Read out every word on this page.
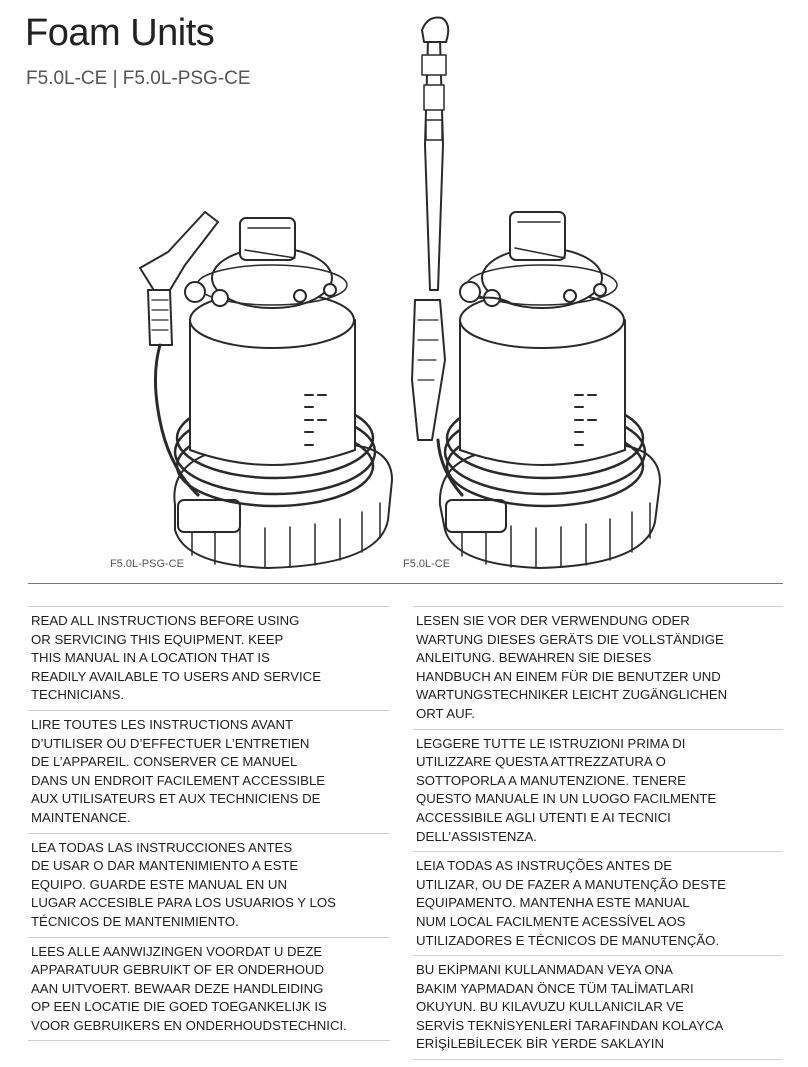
Foam Units

F5.0L-CE | F5.0L-PSG-CE

F5.0L-PSG-CE	F5.0L-CE
READ ALL INSTRUCTIONS BEFORE USING
OR SERVICING THIS EQUIPMENT. KEEP
THIS MANUAL IN A LOCATION THAT IS
READILY AVAILABLE TO USERS AND SERVICE
TECHNICIANS.
LIRE TOUTES LES INSTRUCTIONS AVANT
D’UTILISER OU D’EFFECTUER L’ENTRETIEN
DE L’APPAREIL. CONSERVER CE MANUEL
DANS UN ENDROIT FACILEMENT ACCESSIBLE
AUX UTILISATEURS ET AUX TECHNICIENS DE
MAINTENANCE.
LEA TODAS LAS INSTRUCCIONES ANTES
DE USAR O DAR MANTENIMIENTO A ESTE
EQUIPO. GUARDE ESTE MANUAL EN UN
LUGAR ACCESIBLE PARA LOS USUARIOS Y LOS
TÉCNICOS DE MANTENIMIENTO.
LEES ALLE AANWIJZINGEN VOORDAT U DEZE
APPARATUUR GEBRUIKT OF ER ONDERHOUD
AAN UITVOERT. BEWAAR DEZE HANDLEIDING
OP EEN LOCATIE DIE GOED TOEGANKELIJK IS
VOOR GEBRUIKERS EN ONDERHOUDSTECHNICI.
LESEN SIE VOR DER VERWENDUNG ODER
WARTUNG DIESES GERÄTS DIE VOLLSTÄNDIGE
ANLEITUNG. BEWAHREN SIE DIESES
HANDBUCH AN EINEM FÜR DIE BENUTZER UND
WARTUNGSTECHNIKER LEICHT ZUGÄNGLICHEN
ORT AUF.
LEGGERE TUTTE LE ISTRUZIONI PRIMA DI
UTILIZZARE QUESTA ATTREZZATURA O
SOTTOPORLA A MANUTENZIONE. TENERE
QUESTO MANUALE IN UN LUOGO FACILMENTE
ACCESSIBILE AGLI UTENTI E AI TECNICI
DELL’ASSISTENZA.
LEIA TODAS AS INSTRUÇÕES ANTES DE
UTILIZAR, OU DE FAZER A MANUTENÇÃO DESTE
EQUIPAMENTO. MANTENHA ESTE MANUAL
NUM LOCAL FACILMENTE ACESSÍVEL AOS
UTILIZADORES E TÉCNICOS DE MANUTENÇÃO.
BU EKİPMANI KULLANMADAN VEYA ONA
BAKIM YAPMADAN ÖNCE TÜM TALİMATLARI
OKUYUN. BU KILAVUZU KULLANICILAR VE
SERVİS TEKNİSYENLERİ TARAFINDAN KOLAYCA
ERİŞİLEBİLECEK BİR YERDE SAKLAYIN
